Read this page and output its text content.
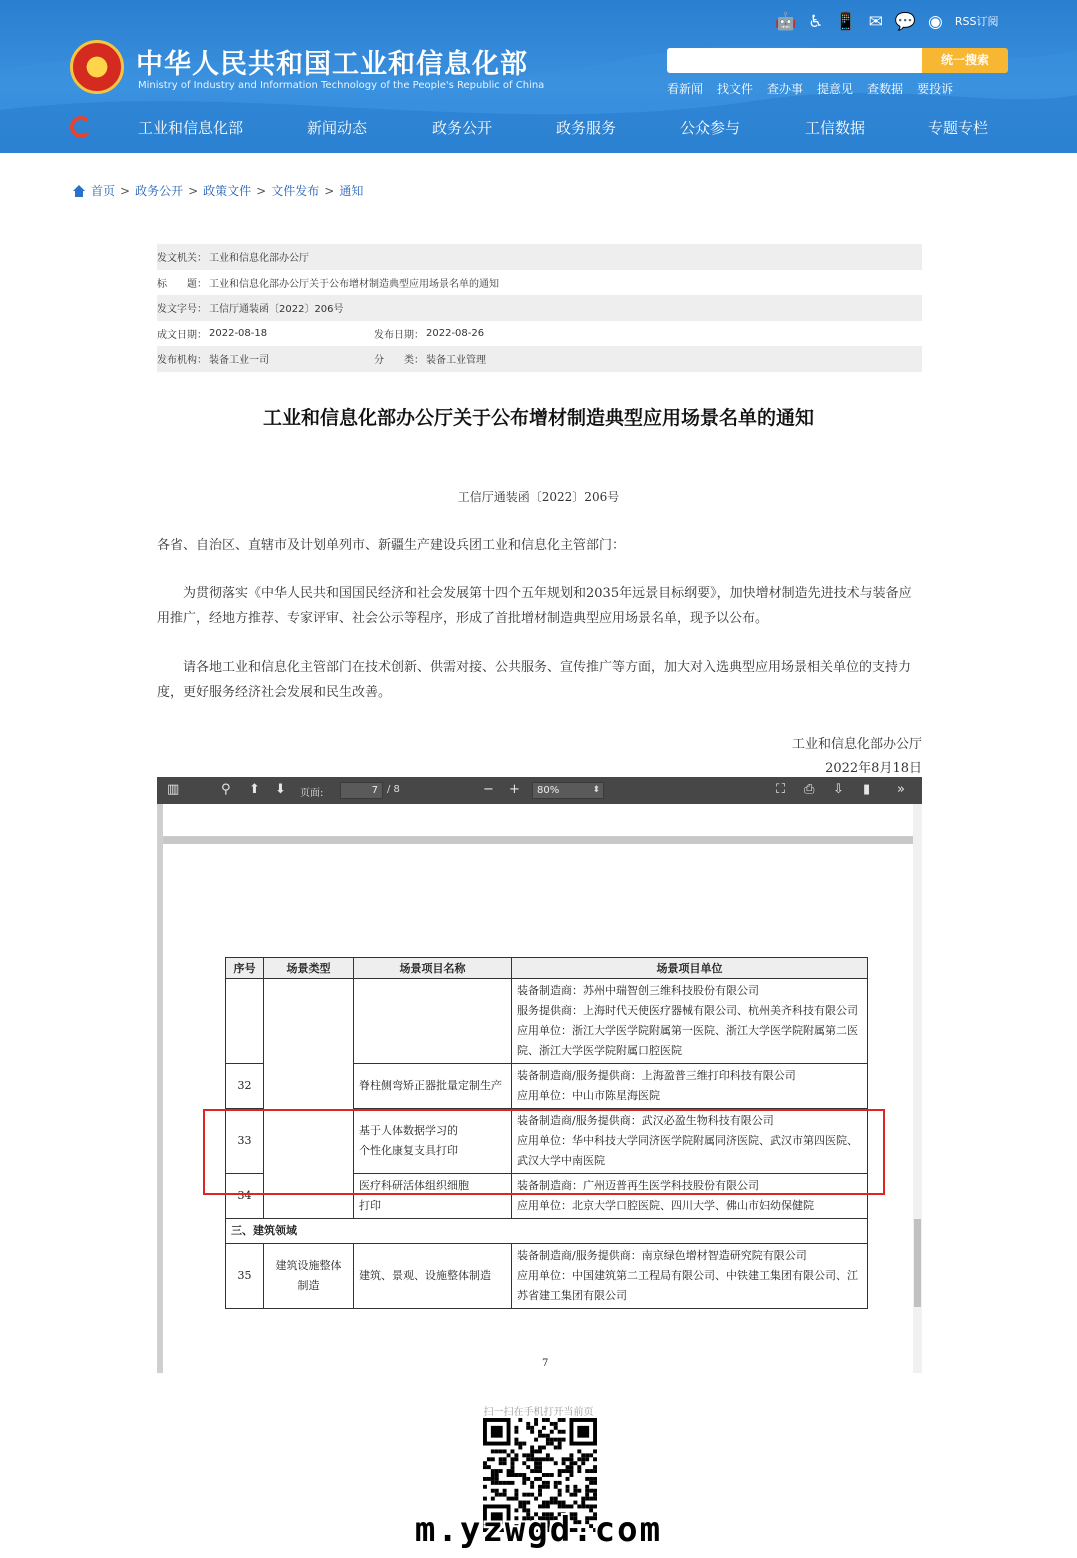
中华人民共和国工业和信息化部
Ministry of Industry and Information Technology of the People's Republic of China
🤖 ♿ 📱 ✉ 💬 ◉ RSS订阅
统一搜索
看新闻 找文件 查办事 提意见 查数据 要投诉
工业和信息化部	新闻动态	政务公开	政务服务	公众参与	工信数据	专题专栏
首页 > 政务公开 > 政策文件 > 文件发布 > 通知
发文机关： 工业和信息化部办公厅
标　　题： 工业和信息化部办公厅关于公布增材制造典型应用场景名单的通知
发文字号： 工信厅通装函〔2022〕206号
成文日期： 2022-08-18	发布日期： 2022-08-26
发布机构： 装备工业一司	分　　类： 装备工业管理
工业和信息化部办公厅关于公布增材制造典型应用场景名单的通知
工信厅通装函〔2022〕206号
各省、自治区、直辖市及计划单列市、新疆生产建设兵团工业和信息化主管部门：
为贯彻落实《中华人民共和国国民经济和社会发展第十四个五年规划和2035年远景目标纲要》，加快增材制造先进技术与装备应用推广，经地方推荐、专家评审、社会公示等程序，形成了首批增材制造典型应用场景名单，现予以公布。
请各地工业和信息化主管部门在技术创新、供需对接、公共服务、宣传推广等方面，加大对入选典型应用场景相关单位的支持力度，更好服务经济社会发展和民生改善。
工业和信息化部办公厅
2022年8月18日
▥	⚲ ⬆ ⬇ 页面:	7 / 8	− +	80% ⬍	⛶ ⎙ ⇩ ▮ »
序号	场景类型	场景项目名称	场景项目单位
			装备制造商：苏州中瑞智创三维科技股份有限公司
服务提供商：上海时代天使医疗器械有限公司、杭州美齐科技有限公司
应用单位：浙江大学医学院附属第一医院、浙江大学医学院附属第二医院、浙江大学医学院附属口腔医院
32		脊柱侧弯矫正器批量定制生产	装备制造商/服务提供商：上海盈普三维打印科技有限公司
应用单位：中山市陈星海医院
33		基于人体数据学习的
个性化康复支具打印	装备制造商/服务提供商：武汉必盈生物科技有限公司
应用单位：华中科技大学同济医学院附属同济医院、武汉市第四医院、武汉大学中南医院
34		医疗科研活体组织细胞
打印	装备制造商：广州迈普再生医学科技股份有限公司
应用单位：北京大学口腔医院、四川大学、佛山市妇幼保健院
三、建筑领域			
35	建筑设施整体
制造	建筑、景观、设施整体制造	装备制造商/服务提供商：南京绿色增材智造研究院有限公司
应用单位：中国建筑第二工程局有限公司、中铁建工集团有限公司、江苏省建工集团有限公司
7
扫一扫在手机打开当前页
m.yzwgd.com
